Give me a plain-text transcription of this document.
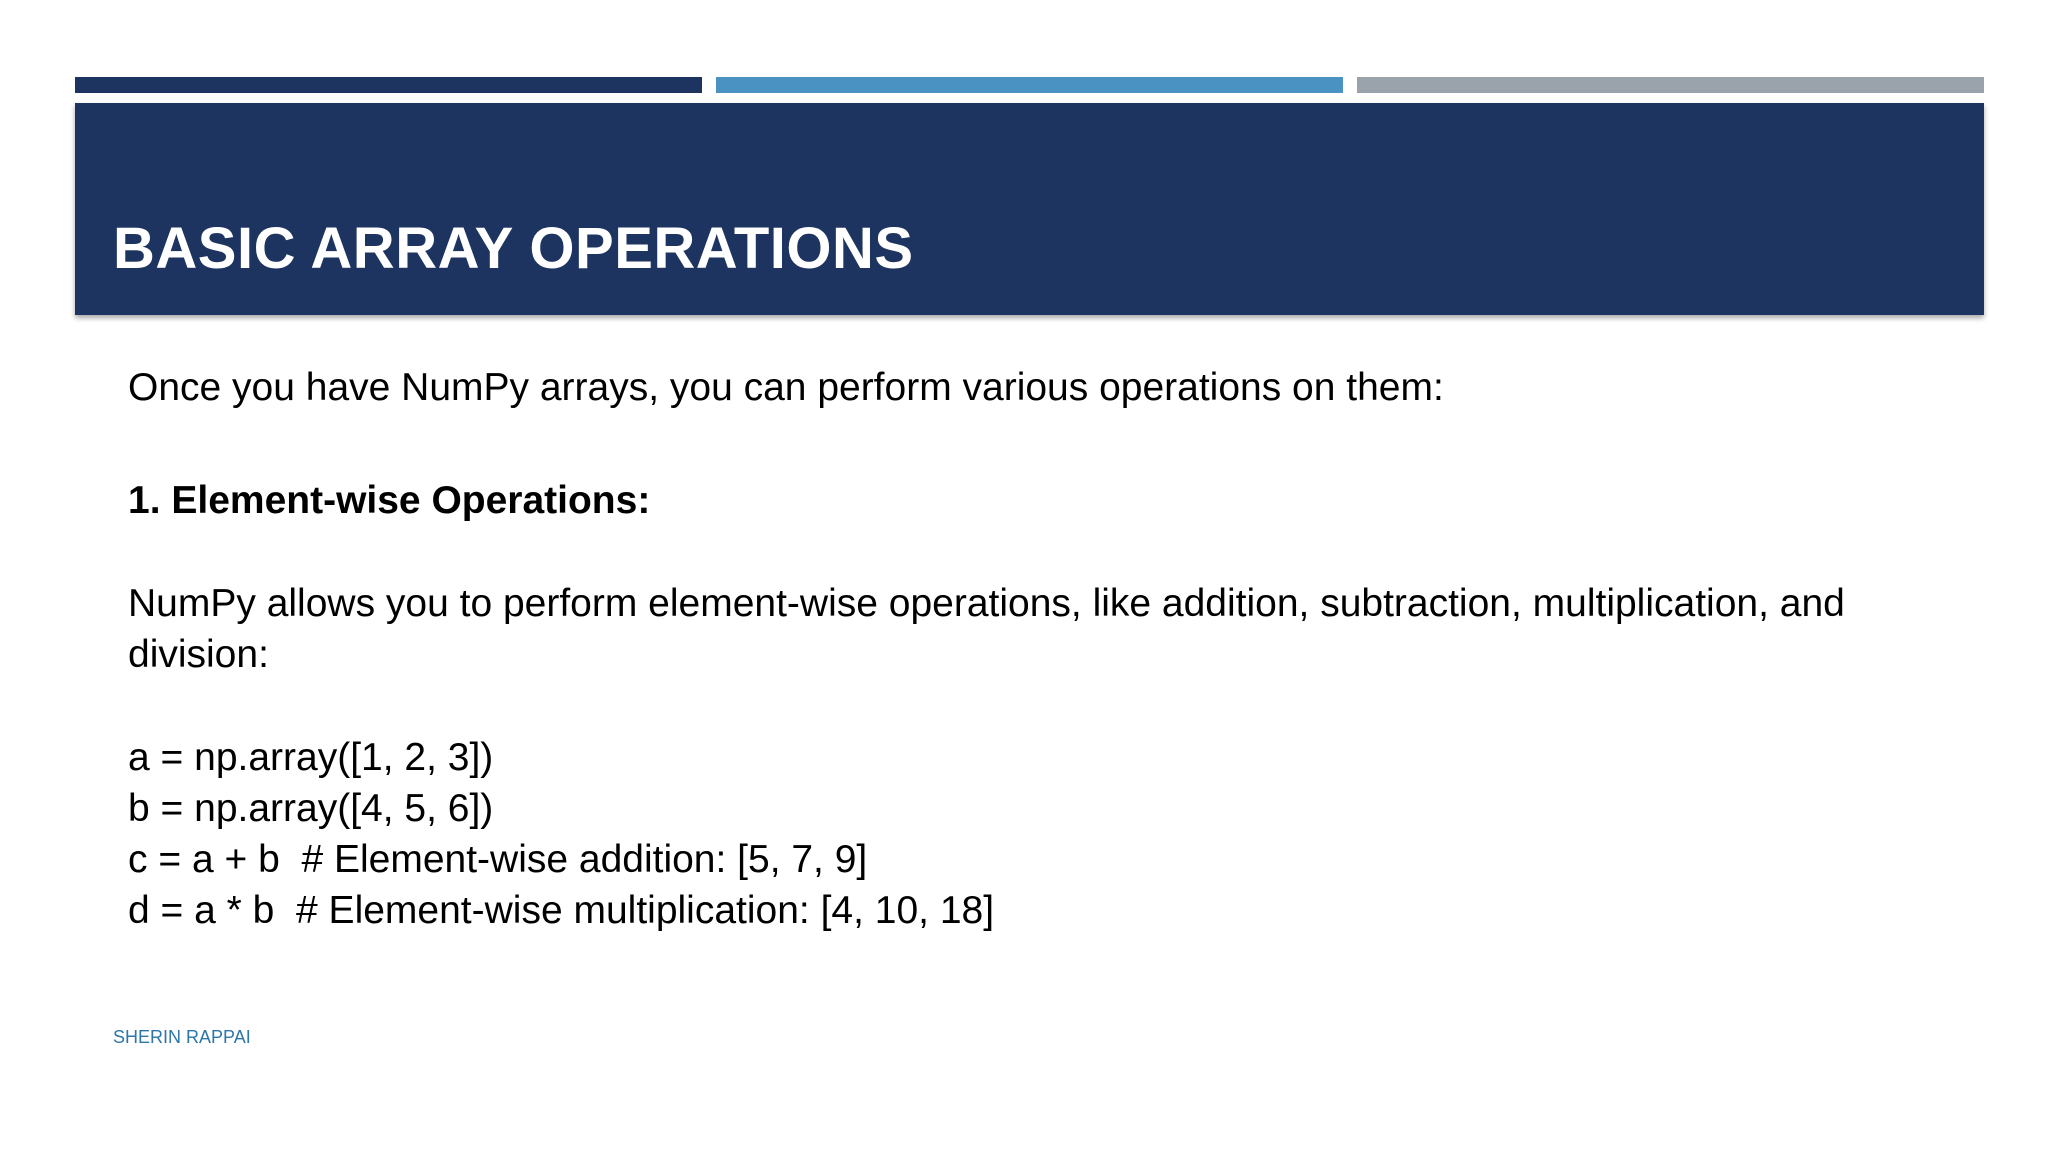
BASIC ARRAY OPERATIONS

Once you have NumPy arrays, you can perform various operations on them:

1. Element-wise Operations:

NumPy allows you to perform element-wise operations, like addition, subtraction, multiplication, and division:

a = np.array([1, 2, 3])

b = np.array([4, 5, 6])

c = a + b  # Element-wise addition: [5, 7, 9]

d = a * b  # Element-wise multiplication: [4, 10, 18]

SHERIN RAPPAI
